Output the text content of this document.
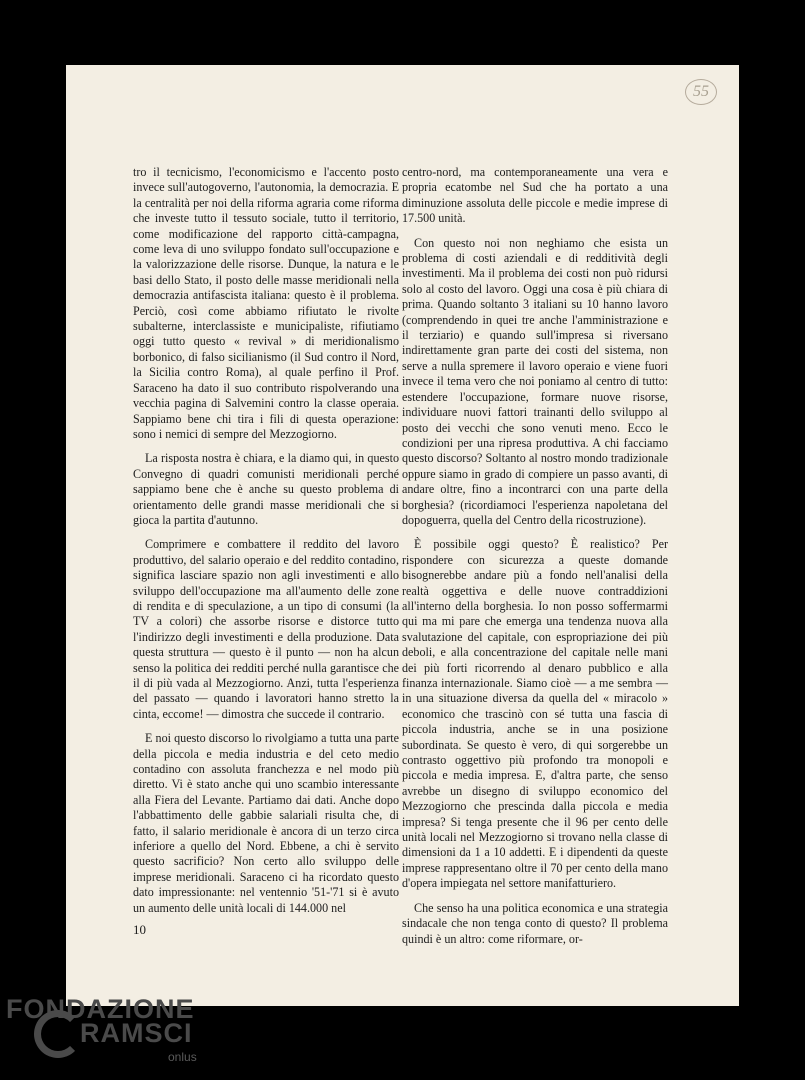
55

tro il tecnicismo, l'economicismo e l'accento posto invece sull'autogoverno, l'autonomia, la democrazia. E la centralità per noi della riforma agraria come riforma che investe tutto il tessuto sociale, tutto il territorio, come modificazione del rapporto città-campagna, come leva di uno sviluppo fondato sull'occupazione e la valorizzazione delle risorse. Dunque, la natura e le basi dello Stato, il posto delle masse meridionali nella democrazia antifascista italiana: questo è il problema. Perciò, così come abbiamo rifiutato le rivolte subalterne, interclassiste e municipaliste, rifiutiamo oggi tutto questo « revival » di meridionalismo borbonico, di falso sicilianismo (il Sud contro il Nord, la Sicilia contro Roma), al quale perfino il Prof. Saraceno ha dato il suo contributo rispolverando una vecchia pagina di Salvemini contro la classe operaia. Sappiamo bene chi tira i fili di questa operazione: sono i nemici di sempre del Mezzogiorno.

La risposta nostra è chiara, e la diamo qui, in questo Convegno di quadri comunisti meridionali perché sappiamo bene che è anche su questo problema di orientamento delle grandi masse meridionali che si gioca la partita d'autunno.

Comprimere e combattere il reddito del lavoro produttivo, del salario operaio e del reddito contadino, significa lasciare spazio non agli investimenti e allo sviluppo dell'occupazione ma all'aumento delle zone di rendita e di speculazione, a un tipo di consumi (la TV a colori) che assorbe risorse e distorce tutto l'indirizzo degli investimenti e della produzione. Data questa struttura — questo è il punto — non ha alcun senso la politica dei redditi perché nulla garantisce che il di più vada al Mezzogiorno. Anzi, tutta l'esperienza del passato — quando i lavoratori hanno stretto la cinta, eccome! — dimostra che succede il contrario.

E noi questo discorso lo rivolgiamo a tutta una parte della piccola e media industria e del ceto medio contadino con assoluta franchezza e nel modo più diretto. Vi è stato anche qui uno scambio interessante alla Fiera del Levante. Partiamo dai dati. Anche dopo l'abbattimento delle gabbie salariali risulta che, di fatto, il salario meridionale è ancora di un terzo circa inferiore a quello del Nord. Ebbene, a chi è servito questo sacrificio? Non certo allo sviluppo delle imprese meridionali. Saraceno ci ha ricordato questo dato impressionante: nel ventennio '51-'71 si è avuto un aumento delle unità locali di 144.000 nel

centro-nord, ma contemporaneamente una vera e propria ecatombe nel Sud che ha portato a una diminuzione assoluta delle piccole e medie imprese di 17.500 unità.

Con questo noi non neghiamo che esista un problema di costi aziendali e di redditività degli investimenti. Ma il problema dei costi non può ridursi solo al costo del lavoro. Oggi una cosa è più chiara di prima. Quando soltanto 3 italiani su 10 hanno lavoro (comprendendo in quei tre anche l'amministrazione e il terziario) e quando sull'impresa si riversano indirettamente gran parte dei costi del sistema, non serve a nulla spremere il lavoro operaio e viene fuori invece il tema vero che noi poniamo al centro di tutto: estendere l'occupazione, formare nuove risorse, individuare nuovi fattori trainanti dello sviluppo al posto dei vecchi che sono venuti meno. Ecco le condizioni per una ripresa produttiva. A chi facciamo questo discorso? Soltanto al nostro mondo tradizionale oppure siamo in grado di compiere un passo avanti, di andare oltre, fino a incontrarci con una parte della borghesia? (ricordiamoci l'esperienza napoletana del dopoguerra, quella del Centro della ricostruzione).

È possibile oggi questo? È realistico? Per rispondere con sicurezza a queste domande bisognerebbe andare più a fondo nell'analisi della realtà oggettiva e delle nuove contraddizioni all'interno della borghesia. Io non posso soffermarmi qui ma mi pare che emerga una tendenza nuova alla svalutazione del capitale, con espropriazione dei più deboli, e alla concentrazione del capitale nelle mani dei più forti ricorrendo al denaro pubblico e alla finanza internazionale. Siamo cioè — a me sembra — in una situazione diversa da quella del « miracolo » economico che trascinò con sé tutta una fascia di piccola industria, anche se in una posizione subordinata. Se questo è vero, di qui sorgerebbe un contrasto oggettivo più profondo tra monopoli e piccola e media impresa. E, d'altra parte, che senso avrebbe un disegno di sviluppo economico del Mezzogiorno che prescinda dalla piccola e media impresa? Si tenga presente che il 96 per cento delle unità locali nel Mezzogiorno si trovano nella classe di dimensioni da 1 a 10 addetti. E i dipendenti da queste imprese rappresentano oltre il 70 per cento della mano d'opera impiegata nel settore manifatturiero.

Che senso ha una politica economica e una strategia sindacale che non tenga conto di questo? Il problema quindi è un altro: come riformare, or-

10
FONDAZIONE
RAMSCI
onlus
